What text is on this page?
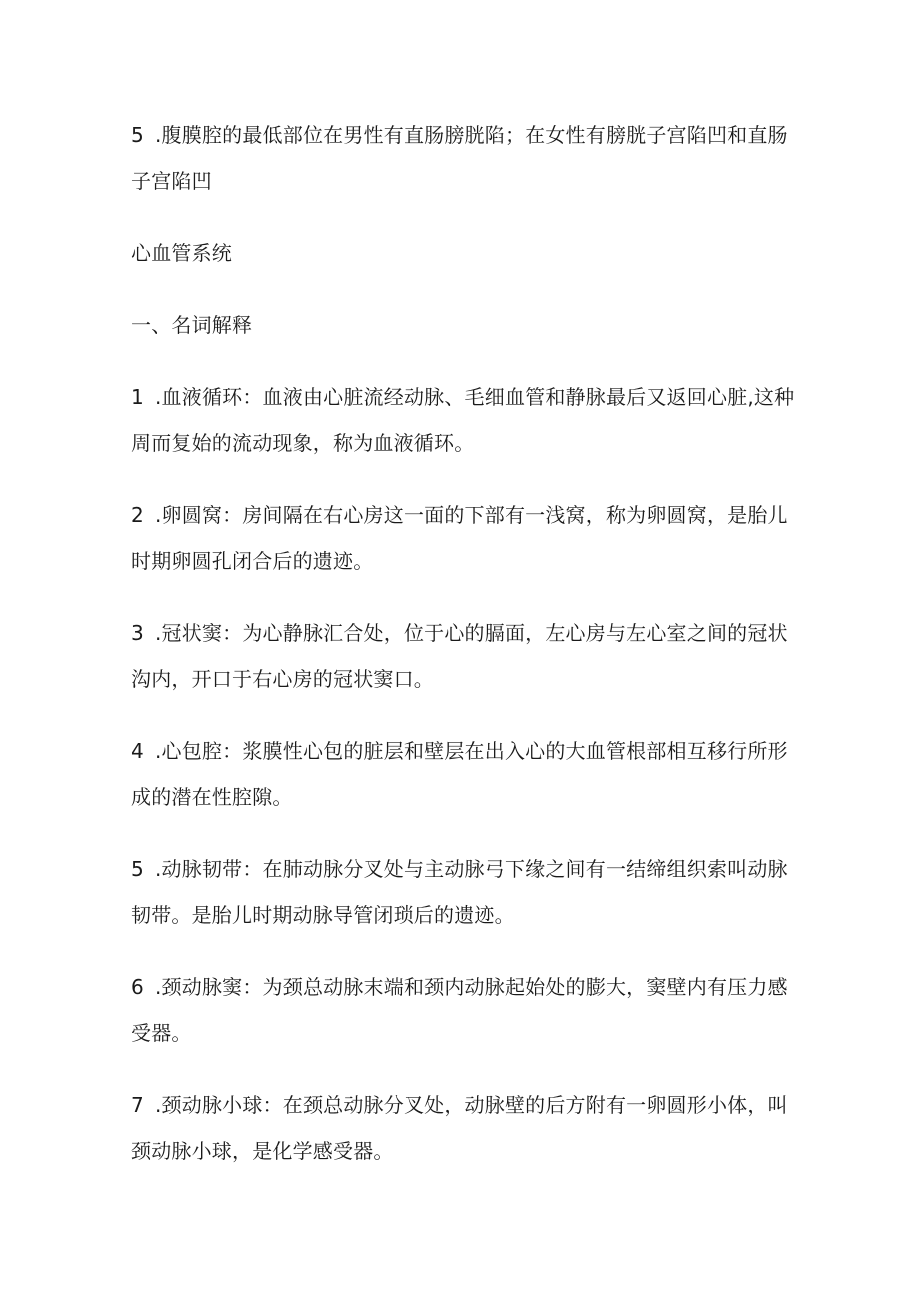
5 .腹膜腔的最低部位在男性有直肠膀胱陷；在女性有膀胱子宫陷凹和直肠子宫陷凹

心血管系统

一、名词解释

1 .血液循环：血液由心脏流经动脉、毛细血管和静脉最后又返回心脏,这种周而复始的流动现象，称为血液循环。

2 .卵圆窝：房间隔在右心房这一面的下部有一浅窝，称为卵圆窝，是胎儿时期卵圆孔闭合后的遗迹。

3 .冠状窦：为心静脉汇合处，位于心的膈面，左心房与左心室之间的冠状沟内，开口于右心房的冠状窦口。

4 .心包腔：浆膜性心包的脏层和壁层在出入心的大血管根部相互移行所形成的潜在性腔隙。

5 .动脉韧带：在肺动脉分叉处与主动脉弓下缘之间有一结缔组织索叫动脉韧带。是胎儿时期动脉导管闭琐后的遗迹。

6 .颈动脉窦：为颈总动脉末端和颈内动脉起始处的膨大，窦壁内有压力感受器。

7 .颈动脉小球：在颈总动脉分叉处，动脉壁的后方附有一卵圆形小体，叫颈动脉小球，是化学感受器。
